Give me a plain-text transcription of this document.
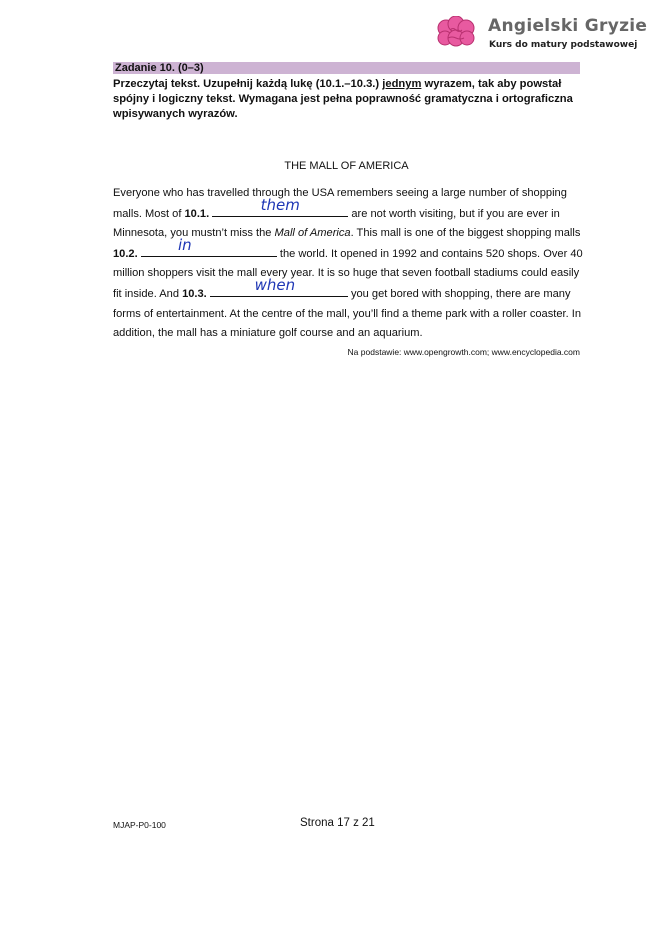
Angielski Gryzie
Kurs do matury podstawowej
Zadanie 10. (0–3)
Przeczytaj tekst. Uzupełnij każdą lukę (10.1.–10.3.) jednym wyrazem, tak aby powstał spójny i logiczny tekst. Wymagana jest pełna poprawność gramatyczna i ortograficzna wpisywanych wyrazów.
THE MALL OF AMERICA
Everyone who has travelled through the USA remembers seeing a large number of shopping malls. Most of 10.1.	them	are not worth visiting, but if you are ever in Minnesota, you mustn’t miss the Mall of America. This mall is one of the biggest shopping malls 10.2.	in	the world. It opened in 1992 and contains 520 shops. Over 40 million shoppers visit the mall every year. It is so huge that seven football stadiums could easily fit inside. And 10.3.	when	you get bored with shopping, there are many forms of entertainment. At the centre of the mall, you’ll find a theme park with a roller coaster. In addition, the mall has a miniature golf course and an aquarium.
Na podstawie: www.opengrowth.com; www.encyclopedia.com
MJAP-P0-100	Strona 17 z 21
